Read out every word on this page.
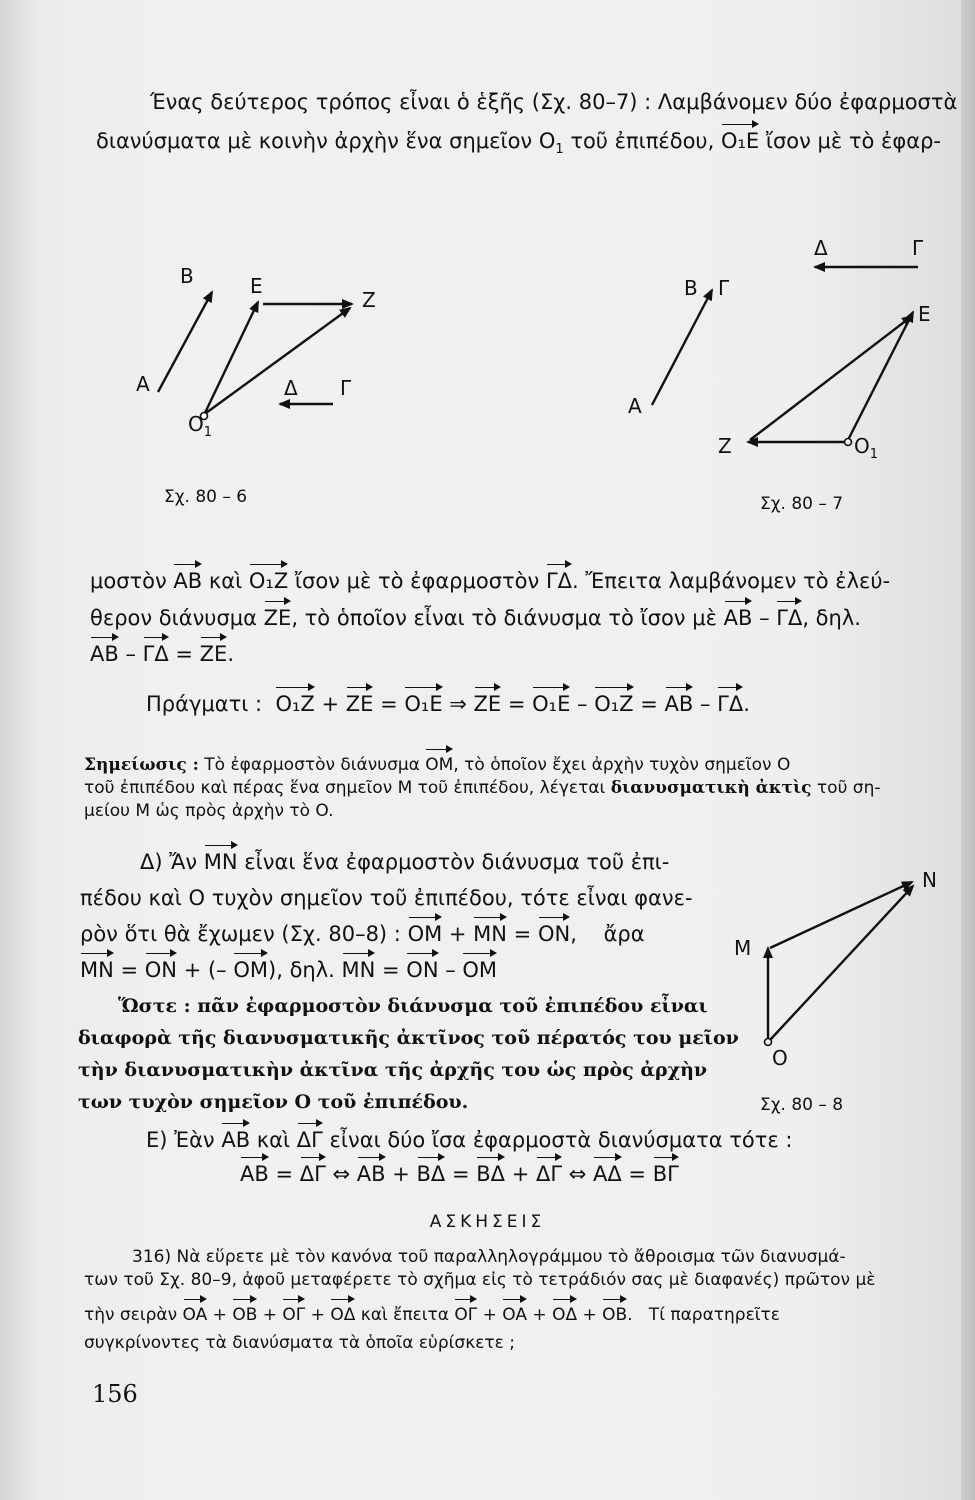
B
A
E
Z
Δ Γ
$O_1$
Σχ. 80 – 6
Δ	Γ
B Γ
E
A
Z	$O_1$
Σχ. 80 – 7
M
N
O
Σχ. 80 – 8
Ένας δεύτερος τρόπος εἶναι ὁ ἑξῆς (Σχ. 80–7) : Λαμβάνομεν δύο ἐφαρμοστὰ
διανύσματα μὲ κοινὴν ἀρχὴν ἕνα σημεῖον $O_1$ τοῦ ἐπιπέδου, O₁E ἴσον μὲ τὸ ἐφαρ-
μοστὸν AB καὶ O₁Z ἴσον μὲ τὸ ἐφαρμοστὸν ΓΔ. Ἔπειτα λαμβάνομεν τὸ ἐλεύ-
θερον διάνυσμα ZE, τὸ ὁποῖον εἶναι τὸ διάνυσμα τὸ ἴσον μὲ AB – ΓΔ, δηλ.
AB – ΓΔ = ZE.
Πράγματι : O₁Z + ZE = O₁E ⇒ ZE = O₁E – O₁Z = AB – ΓΔ.
Σημείωσις : Τὸ ἐφαρμοστὸν διάνυσμα OM, τὸ ὁποῖον ἔχει ἀρχὴν τυχὸν σημεῖον O
τοῦ ἐπιπέδου καὶ πέρας ἕνα σημεῖον M τοῦ ἐπιπέδου, λέγεται διανυσματικὴ ἀκτὶς τοῦ ση-
μείου M ὡς πρὸς ἀρχὴν τὸ O.
Δ) Ἄν MN εἶναι ἕνα ἐφαρμοστὸν διάνυσμα τοῦ ἐπι-
πέδου καὶ O τυχὸν σημεῖον τοῦ ἐπιπέδου, τότε εἶναι φανε-
ρὸν ὅτι θὰ ἔχωμεν (Σχ. 80–8) : OM + MN = ON,    ἄρα
MN = ON + (– OM), δηλ. MN = ON – OM
Ὥστε : πᾶν ἐφαρμοστὸν διάνυσμα τοῦ ἐπιπέδου εἶναι
διαφορὰ τῆς διανυσματικῆς ἀκτῖνος τοῦ πέρατός του μεῖον
τὴν διανυσματικὴν ἀκτῖνα τῆς ἀρχῆς του ὡς πρὸς ἀρχὴν
των τυχὸν σημεῖον O τοῦ ἐπιπέδου.
E) Ἐὰν AB καὶ ΔΓ εἶναι δύο ἴσα ἐφαρμοστὰ διανύσματα τότε :
AB = ΔΓ ⇔ AB + BΔ = BΔ + ΔΓ ⇔ AΔ = BΓ
ΑΣΚΗΣΕΙΣ
316) Νὰ εὕρετε μὲ τὸν κανόνα τοῦ παραλληλογράμμου τὸ ἄθροισμα τῶν διανυσμά-
των τοῦ Σχ. 80–9, ἀφοῦ μεταφέρετε τὸ σχῆμα εἰς τὸ τετράδιόν σας μὲ διαφανές) πρῶτον μὲ
τὴν σειρὰν OA + OB + OΓ + OΔ καὶ ἔπειτα OΓ + OA + OΔ + OB.   Τί παρατηρεῖτε
συγκρίνοντες τὰ διανύσματα τὰ ὁποῖα εὑρίσκετε ;
156
